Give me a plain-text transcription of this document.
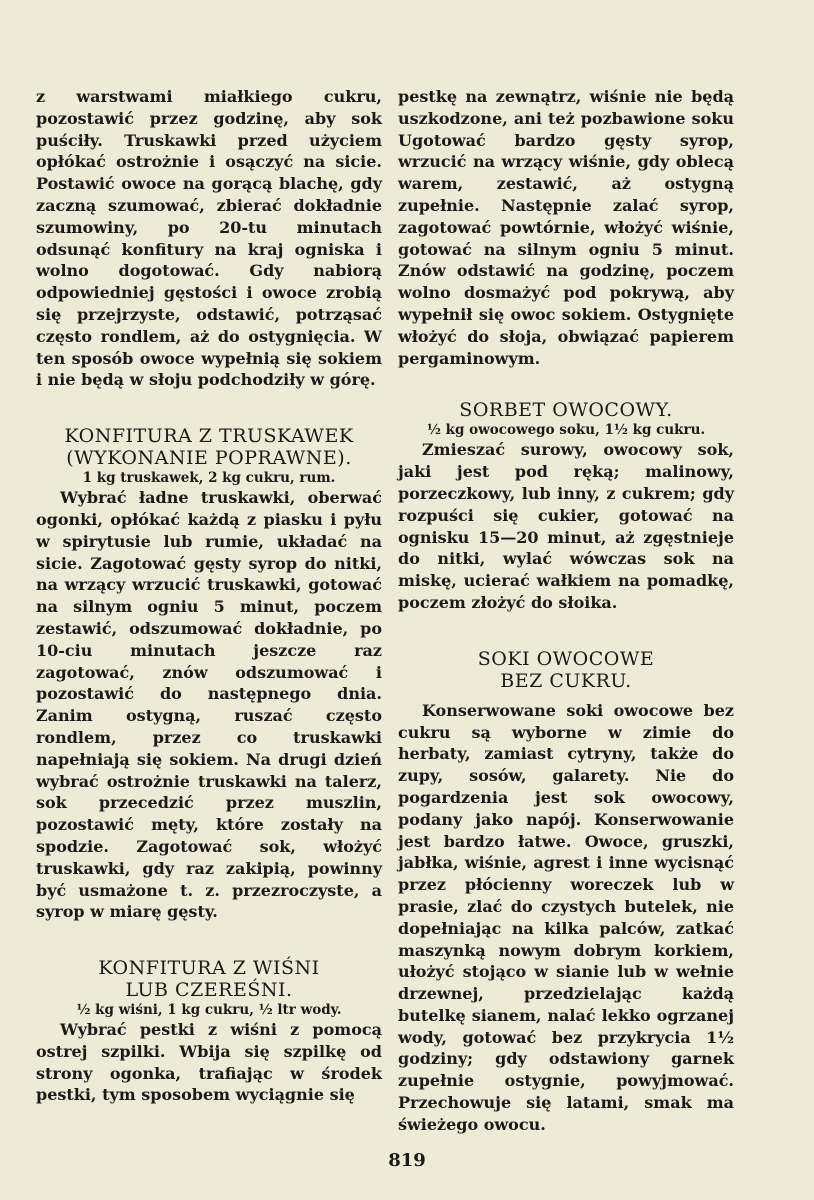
z warstwami miałkiego cukru, pozostawić przez godzinę, aby sok puściły. Truskawki przed użyciem opłókać ostrożnie i osączyć na sicie. Postawić owoce na gorącą blachę, gdy zaczną szumować, zbierać dokładnie szumowiny, po 20-tu minutach odsunąć konfitury na kraj ogniska i wolno dogotować. Gdy nabiorą odpowiedniej gęstości i owoce zrobią się przejrzyste, odstawić, potrząsać często rondlem, aż do ostygnięcia. W ten sposób owoce wypełnią się sokiem i nie będą w słoju podchodziły w górę.

KONFITURA Z TRUSKAWEK

(WYKONANIE POPRAWNE).

1 kg truskawek, 2 kg cukru, rum.

Wybrać ładne truskawki, oberwać ogonki, opłókać każdą z piasku i pyłu w spirytusie lub rumie, układać na sicie. Zagotować gęsty syrop do nitki, na wrzący wrzucić truskawki, gotować na silnym ogniu 5 minut, poczem zestawić, odszumować dokładnie, po 10-ciu minutach jeszcze raz zagotować, znów odszumować i pozostawić do następnego dnia. Zanim ostygną, ruszać często rondlem, przez co truskawki napełniają się sokiem. Na drugi dzień wybrać ostrożnie truskawki na talerz, sok przecedzić przez muszlin, pozostawić męty, które zostały na spodzie. Zagotować sok, włożyć truskawki, gdy raz zakipią, powinny być usmażone t. z. przezroczyste, a syrop w miarę gęsty.

KONFITURA Z WIŚNI

LUB CZEREŚNI.

½ kg wiśni, 1 kg cukru, ½ ltr wody.

Wybrać pestki z wiśni z pomocą ostrej szpilki. Wbija się szpilkę od strony ogonka, trafiając w środek pestki, tym sposobem wyciągnie się

pestkę na zewnątrz, wiśnie nie będą uszkodzone, ani też pozbawione soku Ugotować bardzo gęsty syrop, wrzucić na wrzący wiśnie, gdy oblecą warem, zestawić, aż ostygną zupełnie. Następnie zalać syrop, zagotować powtórnie, włożyć wiśnie, gotować na silnym ogniu 5 minut. Znów odstawić na godzinę, poczem wolno dosmażyć pod pokrywą, aby wypełnił się owoc sokiem. Ostygnięte włożyć do słoja, obwiązać papierem pergaminowym.

SORBET OWOCOWY.

½ kg owocowego soku, 1½ kg cukru.

Zmieszać surowy, owocowy sok, jaki jest pod ręką; malinowy, porzeczkowy, lub inny, z cukrem; gdy rozpuści się cukier, gotować na ognisku 15—20 minut, aż zgęstnieje do nitki, wylać wówczas sok na miskę, ucierać wałkiem na pomadkę, poczem złożyć do słoika.

SOKI OWOCOWE

BEZ CUKRU.

Konserwowane soki owocowe bez cukru są wyborne w zimie do herbaty, zamiast cytryny, także do zupy, sosów, galarety. Nie do pogardzenia jest sok owocowy, podany jako napój. Konserwowanie jest bardzo łatwe. Owoce, gruszki, jabłka, wiśnie, agrest i inne wycisnąć przez płócienny woreczek lub w prasie, zlać do czystych butelek, nie dopełniając na kilka palców, zatkać maszynką nowym dobrym korkiem, ułożyć stojąco w sianie lub w wełnie drzewnej, przedzielając każdą butelkę sianem, nalać lekko ogrzanej wody, gotować bez przykrycia 1½ godziny; gdy odstawiony garnek zupełnie ostygnie, powyjmować. Przechowuje się latami, smak ma świeżego owocu.

819
